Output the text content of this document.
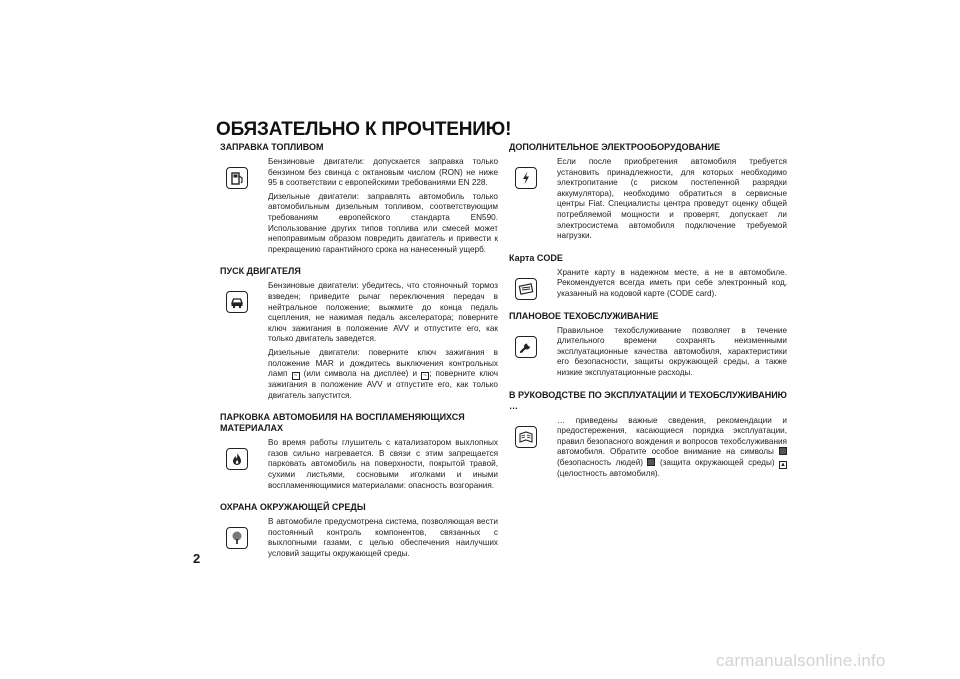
ОБЯЗАТЕЛЬНО К ПРОЧТЕНИЮ!
ЗАПРАВКА ТОПЛИВОМ

Бензиновые двигатели: допускается заправка только бензином без свинца с октановым числом (RON) не ниже 95 в соответствии с европейскими требованиями EN 228.

Дизельные двигатели: заправлять автомобиль только автомобильным дизельным топливом, соответствующим требованиям европейского стандарта EN590. Использование других типов топлива или смесей может непоправимым образом повредить двигатель и привести к прекращению гарантийного срока на нанесенный ущерб.

ПУСК ДВИГАТЕЛЯ

Бензиновые двигатели: убедитесь, что стояночный тормоз взведен; приведите рычаг переключения передач в нейтральное положение; выжмите до конца педаль сцепления, не нажимая педаль акселератора; поверните ключ зажигания в положение AVV и отпустите его, как только двигатель заведется.

Дизельные двигатели: поверните ключ зажигания в положение MAR и дождитесь выключения контрольных ламп ~ (или символа на дисплее) и ~ ; поверните ключ зажигания в положение AVV и отпустите его, как только двигатель запустится.

ПАРКОВКА АВТОМОБИЛЯ НА ВОСПЛАМЕНЯЮЩИХСЯ МАТЕРИАЛАХ

Во время работы глушитель с катализатором выхлопных газов сильно нагревается. В связи с этим запрещается парковать автомобиль на поверхности, покрытой травой, сухими листьями, сосновыми иголками и иными воспламеняющимися материалами: опасность возгорания.

ОХРАНА ОКРУЖАЮЩЕЙ СРЕДЫ

В автомобиле предусмотрена система, позволяющая вести постоянный контроль компонентов, связанных с выхлопными газами, с целью обеспечения наилучших условий защиты окружающей среды.

ДОПОЛНИТЕЛЬНОЕ ЭЛЕКТРООБОРУДОВАНИЕ

Если после приобретения автомобиля требуется установить принадлежности, для которых необходимо электропитание (с риском постепенной разрядки аккумулятора), необходимо обратиться в сервисные центры Fiat. Специалисты центра проведут оценку общей потребляемой мощности и проверят, допускает ли электросистема автомобиля подключение требуемой нагрузки.

Карта CODE

Храните карту в надежном месте, а не в автомобиле. Рекомендуется всегда иметь при себе электронный код, указанный на кодовой карте (CODE card).

ПЛАНОВОЕ ТЕХОБСЛУЖИВАНИЕ

Правильное техобслуживание позволяет в течение длительного времени сохранять неизменными эксплуатационные качества автомобиля, характеристики его безопасности, защиты окружающей среды, а также низкие эксплуатационные расходы.

В РУКОВОДСТВЕ ПО ЭКСПЛУАТАЦИИ И ТЕХОБСЛУЖИВАНИЮ …

… приведены важные сведения, рекомендации и предостережения, касающиеся порядка эксплуатации, правил безопасного вождения и вопросов техобслуживания автомобиля. Обратите особое внимание на символы  (безопасность людей) (защита окружающей среды) ▲ (целостность автомобиля).

2
carmanualsonline.info
